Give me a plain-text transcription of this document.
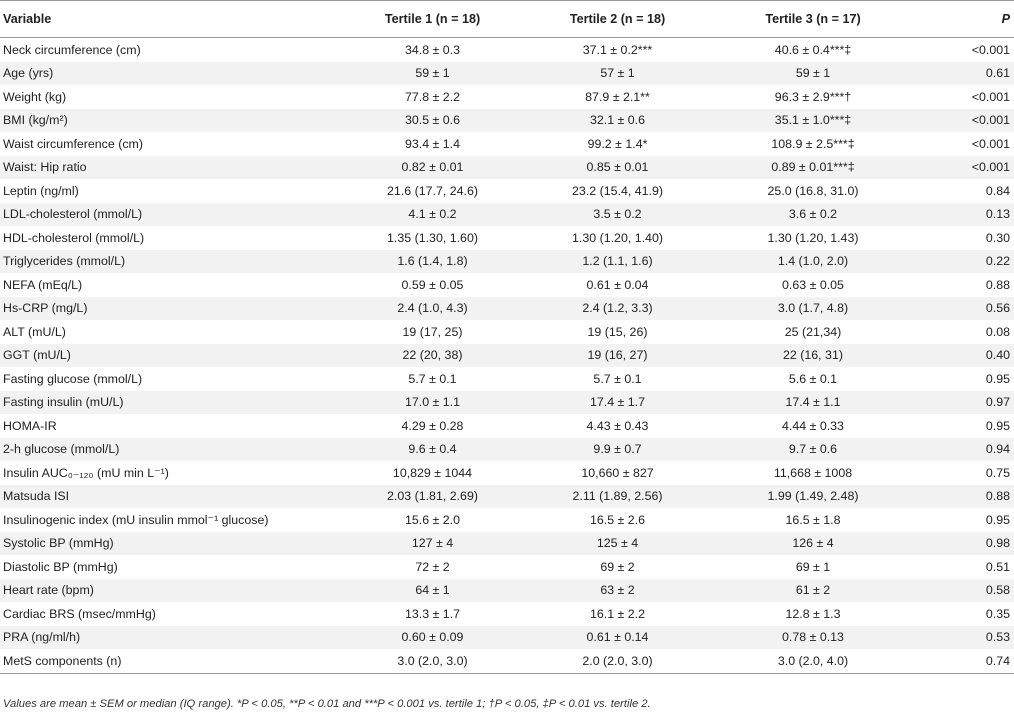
Variable	Tertile 1 (n = 18)	Tertile 2 (n = 18)	Tertile 3 (n = 17)	P
Neck circumference (cm)	34.8 ± 0.3	37.1 ± 0.2***	40.6 ± 0.4***‡	<0.001
Age (yrs)	59 ± 1	57 ± 1	59 ± 1	0.61
Weight (kg)	77.8 ± 2.2	87.9 ± 2.1**	96.3 ± 2.9***†	<0.001
BMI (kg/m²)	30.5 ± 0.6	32.1 ± 0.6	35.1 ± 1.0***‡	<0.001
Waist circumference (cm)	93.4 ± 1.4	99.2 ± 1.4*	108.9 ± 2.5***‡	<0.001
Waist: Hip ratio	0.82 ± 0.01	0.85 ± 0.01	0.89 ± 0.01***‡	<0.001
Leptin (ng/ml)	21.6 (17.7, 24.6)	23.2 (15.4, 41.9)	25.0 (16.8, 31.0)	0.84
LDL-cholesterol (mmol/L)	4.1 ± 0.2	3.5 ± 0.2	3.6 ± 0.2	0.13
HDL-cholesterol (mmol/L)	1.35 (1.30, 1.60)	1.30 (1.20, 1.40)	1.30 (1.20, 1.43)	0.30
Triglycerides (mmol/L)	1.6 (1.4, 1.8)	1.2 (1.1, 1.6)	1.4 (1.0, 2.0)	0.22
NEFA (mEq/L)	0.59 ± 0.05	0.61 ± 0.04	0.63 ± 0.05	0.88
Hs-CRP (mg/L)	2.4 (1.0, 4.3)	2.4 (1.2, 3.3)	3.0 (1.7, 4.8)	0.56
ALT (mU/L)	19 (17, 25)	19 (15, 26)	25 (21,34)	0.08
GGT (mU/L)	22 (20, 38)	19 (16, 27)	22 (16, 31)	0.40
Fasting glucose (mmol/L)	5.7 ± 0.1	5.7 ± 0.1	5.6 ± 0.1	0.95
Fasting insulin (mU/L)	17.0 ± 1.1	17.4 ± 1.7	17.4 ± 1.1	0.97
HOMA-IR	4.29 ± 0.28	4.43 ± 0.43	4.44 ± 0.33	0.95
2-h glucose (mmol/L)	9.6 ± 0.4	9.9 ± 0.7	9.7 ± 0.6	0.94
Insulin AUC₀₋₁₂₀ (mU min L⁻¹)	10,829 ± 1044	10,660 ± 827	11,668 ± 1008	0.75
Matsuda ISI	2.03 (1.81, 2.69)	2.11 (1.89, 2.56)	1.99 (1.49, 2.48)	0.88
Insulinogenic index (mU insulin mmol⁻¹ glucose)	15.6 ± 2.0	16.5 ± 2.6	16.5 ± 1.8	0.95
Systolic BP (mmHg)	127 ± 4	125 ± 4	126 ± 4	0.98
Diastolic BP (mmHg)	72 ± 2	69 ± 2	69 ± 1	0.51
Heart rate (bpm)	64 ± 1	63 ± 2	61 ± 2	0.58
Cardiac BRS (msec/mmHg)	13.3 ± 1.7	16.1 ± 2.2	12.8 ± 1.3	0.35
PRA (ng/ml/h)	0.60 ± 0.09	0.61 ± 0.14	0.78 ± 0.13	0.53
MetS components (n)	3.0 (2.0, 3.0)	2.0 (2.0, 3.0)	3.0 (2.0, 4.0)	0.74
Values are mean ± SEM or median (IQ range). *P < 0.05, **P < 0.01 and ***P < 0.001 vs. tertile 1; †P < 0.05, ‡P < 0.01 vs. tertile 2.
